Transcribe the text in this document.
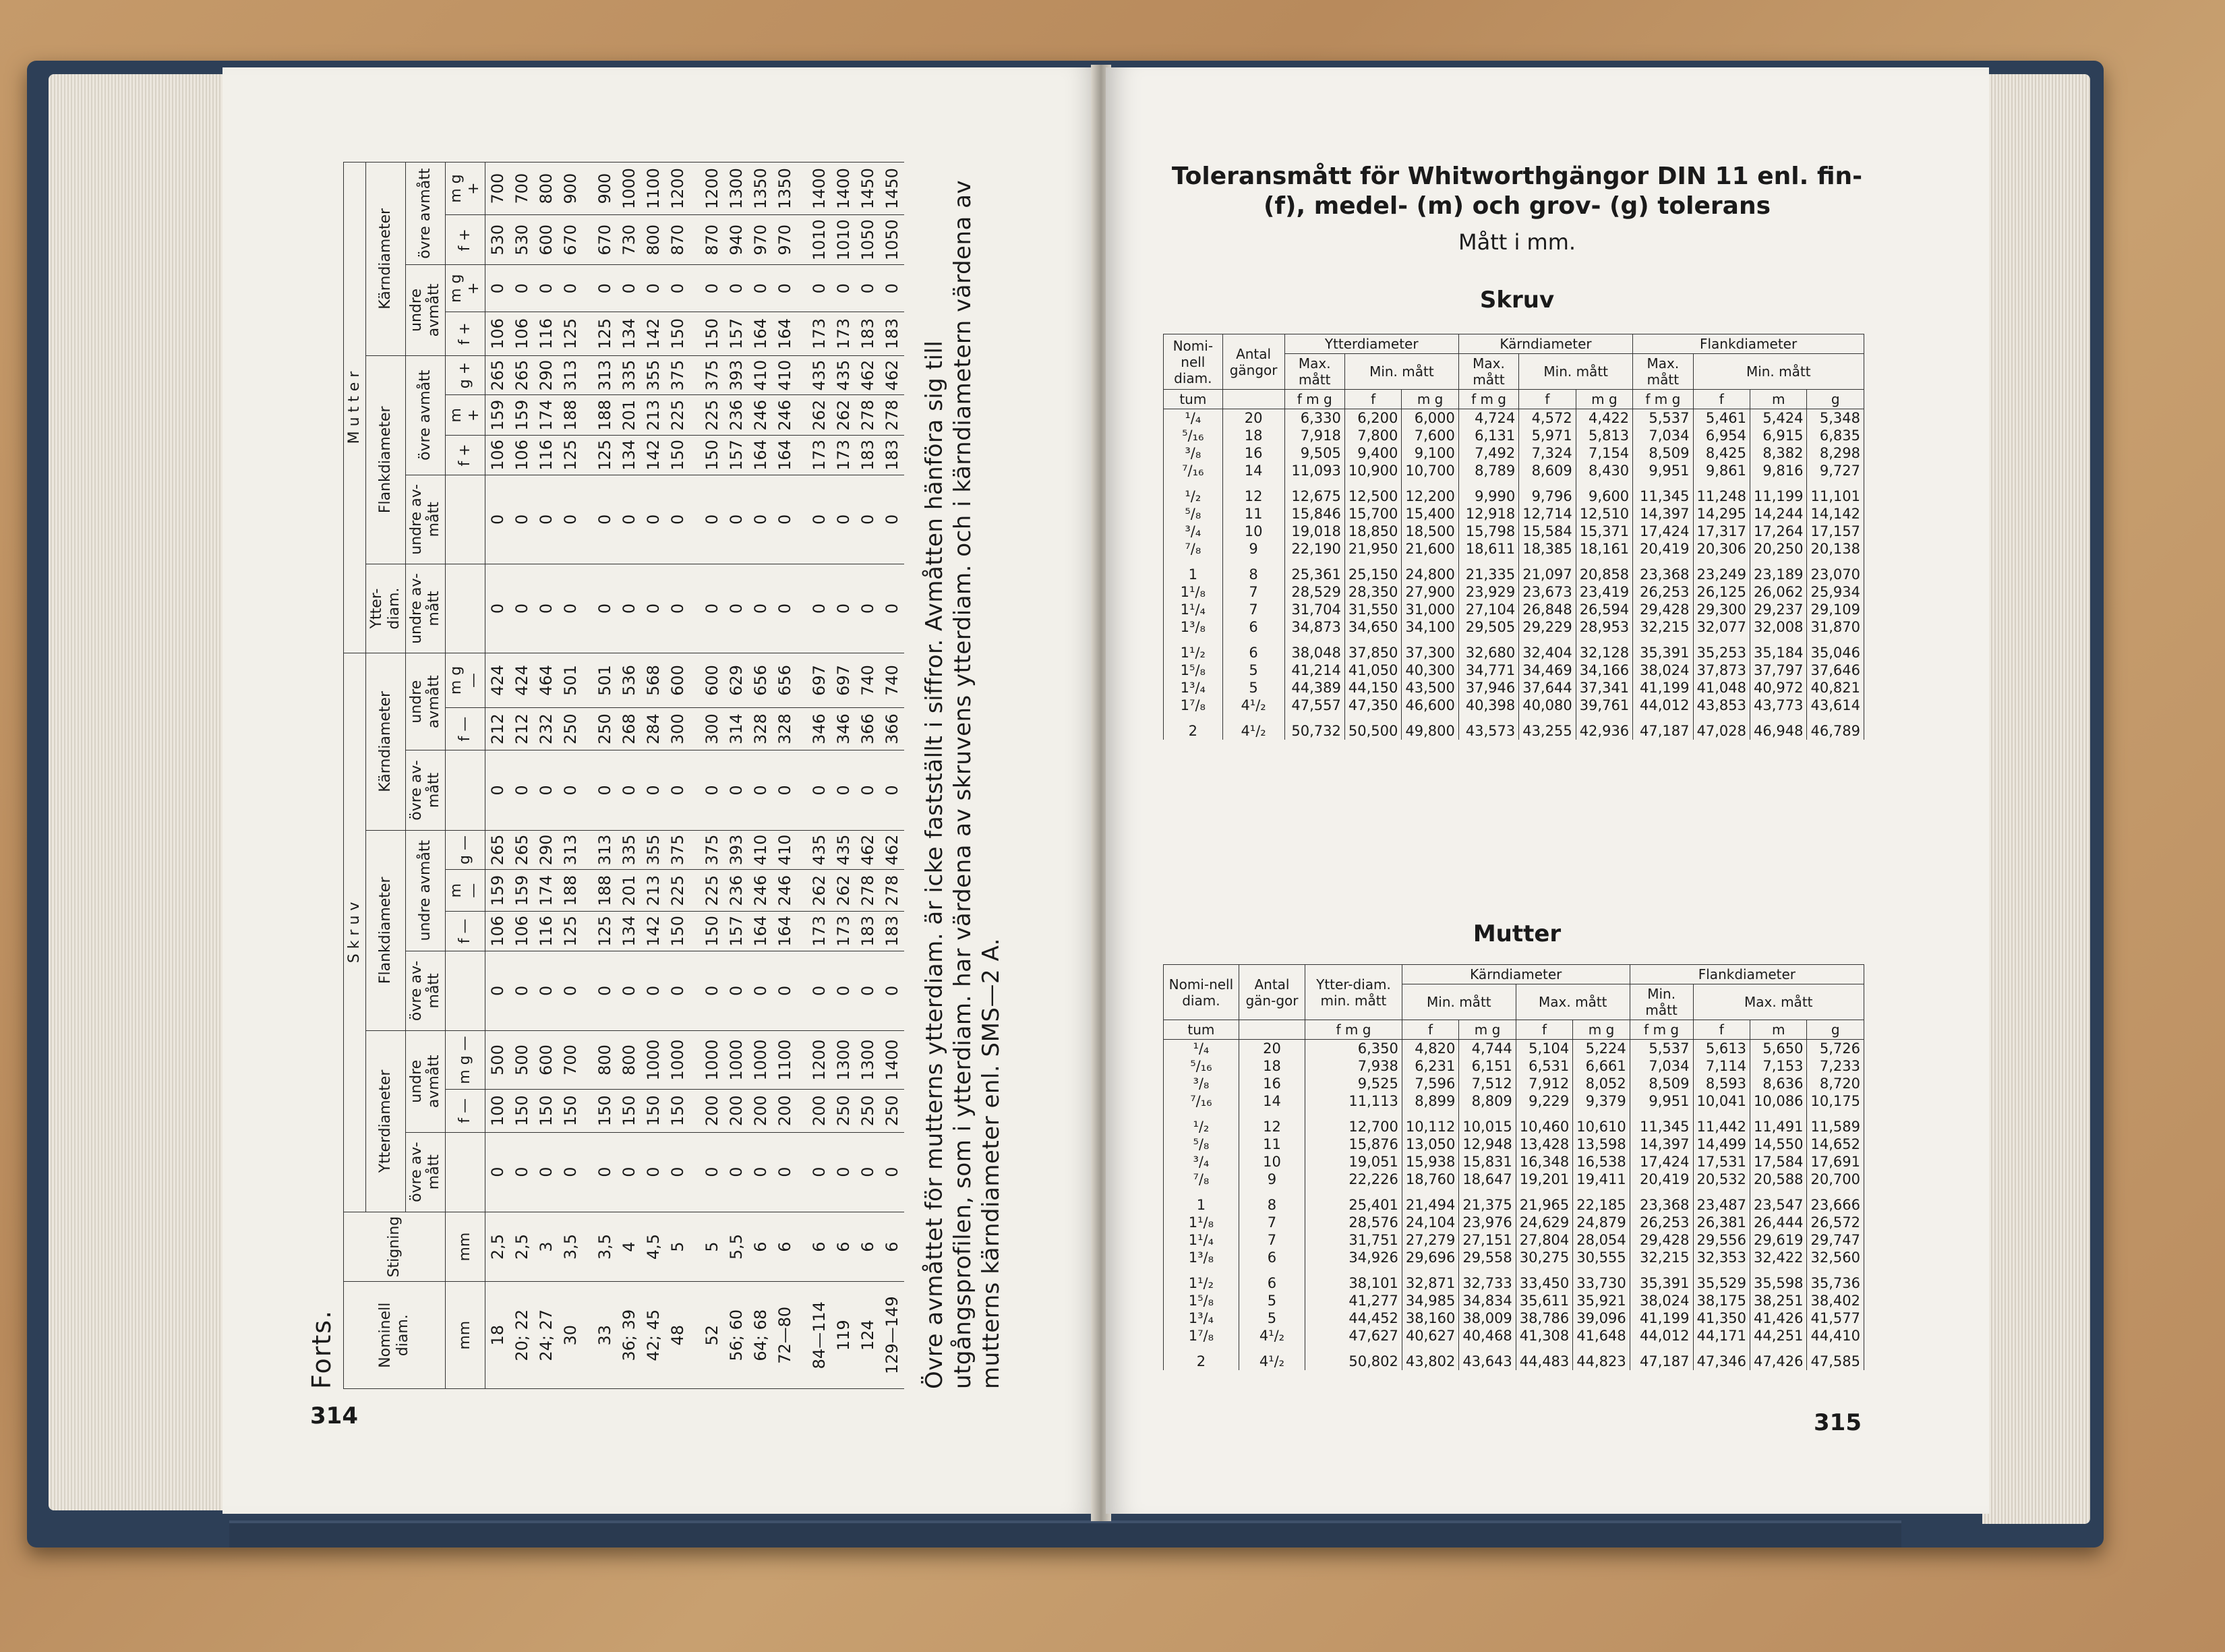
314
Forts.	Nominell diam.	Stigning	S k r u v										M u t t e r								
		Ytterdiameter			Flankdiameter				Kärndiameter			Ytter-diam.	Flankdiameter				Kärndiameter			
		övre av-mått	undre avmått		övre av-mått	undre avmått			övre av-mått	undre avmått		undre av-mått	undre av-mått	övre avmått			undre avmått		övre avmått	
mm	mm		f —	m g —		f —	m —	g —		f —	m g —			f +	m +	g +	f +	m g +	f +	m g +
18	2,5	0	100	500	0	106	159	265	0	212	424	0	0	106	159	265	106	0	530	700
20; 22	2,5	0	150	500	0	106	159	265	0	212	424	0	0	106	159	265	106	0	530	700
24; 27	3	0	150	600	0	116	174	290	0	232	464	0	0	116	174	290	116	0	600	800
30	3,5	0	150	700	0	125	188	313	0	250	501	0	0	125	188	313	125	0	670	900
33	3,5	0	150	800	0	125	188	313	0	250	501	0	0	125	188	313	125	0	670	900
36; 39	4	0	150	800	0	134	201	335	0	268	536	0	0	134	201	335	134	0	730	1000
42; 45	4,5	0	150	1000	0	142	213	355	0	284	568	0	0	142	213	355	142	0	800	1100
48	5	0	150	1000	0	150	225	375	0	300	600	0	0	150	225	375	150	0	870	1200
52	5	0	200	1000	0	150	225	375	0	300	600	0	0	150	225	375	150	0	870	1200
56; 60	5,5	0	200	1000	0	157	236	393	0	314	629	0	0	157	236	393	157	0	940	1300
64; 68	6	0	200	1000	0	164	246	410	0	328	656	0	0	164	246	410	164	0	970	1350
72—80	6	0	200	1100	0	164	246	410	0	328	656	0	0	164	246	410	164	0	970	1350
84—114	6	0	200	1200	0	173	262	435	0	346	697	0	0	173	262	435	173	0	1010	1400
119	6	0	250	1300	0	173	262	435	0	346	697	0	0	173	262	435	173	0	1010	1400
124	6	0	250	1300	0	183	278	462	0	366	740	0	0	183	278	462	183	0	1050	1450
129—149	6	0	250	1400	0	183	278	462	0	366	740	0	0	183	278	462	183	0	1050	1450
Övre avmåttet för mutterns ytterdiam. är icke fastställt i siffror. Avmåtten hänföra sig till utgångsprofilen, som i ytterdiam. har värdena av skruvens ytterdiam. och i kärndiametern värdena av mutterns kärndiameter enl. SMS—2 A.
Toleransmått för Whitworthgängor DIN 11 enl. fin-(f), medel- (m) och grov- (g) tolerans
Mått i mm.
Skruv
Nomi-nell diam.	Antal gängor	Ytterdiameter			Kärndiameter			Flankdiameter			
		Max. mått	Min. mått		Max. mått	Min. mått		Max. mått	Min. mått		
tum		f m g	f	m g	f m g	f	m g	f m g	f	m	g
¹/₄	20	6,330	6,200	6,000	4,724	4,572	4,422	5,537	5,461	5,424	5,348
⁵/₁₆	18	7,918	7,800	7,600	6,131	5,971	5,813	7,034	6,954	6,915	6,835
³/₈	16	9,505	9,400	9,100	7,492	7,324	7,154	8,509	8,425	8,382	8,298
⁷/₁₆	14	11,093	10,900	10,700	8,789	8,609	8,430	9,951	9,861	9,816	9,727
¹/₂	12	12,675	12,500	12,200	9,990	9,796	9,600	11,345	11,248	11,199	11,101
⁵/₈	11	15,846	15,700	15,400	12,918	12,714	12,510	14,397	14,295	14,244	14,142
³/₄	10	19,018	18,850	18,500	15,798	15,584	15,371	17,424	17,317	17,264	17,157
⁷/₈	9	22,190	21,950	21,600	18,611	18,385	18,161	20,419	20,306	20,250	20,138
1	8	25,361	25,150	24,800	21,335	21,097	20,858	23,368	23,249	23,189	23,070
1¹/₈	7	28,529	28,350	27,900	23,929	23,673	23,419	26,253	26,125	26,062	25,934
1¹/₄	7	31,704	31,550	31,000	27,104	26,848	26,594	29,428	29,300	29,237	29,109
1³/₈	6	34,873	34,650	34,100	29,505	29,229	28,953	32,215	32,077	32,008	31,870
1¹/₂	6	38,048	37,850	37,300	32,680	32,404	32,128	35,391	35,253	35,184	35,046
1⁵/₈	5	41,214	41,050	40,300	34,771	34,469	34,166	38,024	37,873	37,797	37,646
1³/₄	5	44,389	44,150	43,500	37,946	37,644	37,341	41,199	41,048	40,972	40,821
1⁷/₈	4¹/₂	47,557	47,350	46,600	40,398	40,080	39,761	44,012	43,853	43,773	43,614
2	4¹/₂	50,732	50,500	49,800	43,573	43,255	42,936	47,187	47,028	46,948	46,789
Mutter
Nomi-nell diam.	Antal gän-gor	Ytter-diam. min. mått	Kärndiameter				Flankdiameter			
			Min. mått		Max. mått		Min. mått	Max. mått		
tum		f m g	f	m g	f	m g	f m g	f	m	g
¹/₄	20	6,350	4,820	4,744	5,104	5,224	5,537	5,613	5,650	5,726
⁵/₁₆	18	7,938	6,231	6,151	6,531	6,661	7,034	7,114	7,153	7,233
³/₈	16	9,525	7,596	7,512	7,912	8,052	8,509	8,593	8,636	8,720
⁷/₁₆	14	11,113	8,899	8,809	9,229	9,379	9,951	10,041	10,086	10,175
¹/₂	12	12,700	10,112	10,015	10,460	10,610	11,345	11,442	11,491	11,589
⁵/₈	11	15,876	13,050	12,948	13,428	13,598	14,397	14,499	14,550	14,652
³/₄	10	19,051	15,938	15,831	16,348	16,538	17,424	17,531	17,584	17,691
⁷/₈	9	22,226	18,760	18,647	19,201	19,411	20,419	20,532	20,588	20,700
1	8	25,401	21,494	21,375	21,965	22,185	23,368	23,487	23,547	23,666
1¹/₈	7	28,576	24,104	23,976	24,629	24,879	26,253	26,381	26,444	26,572
1¹/₄	7	31,751	27,279	27,151	27,804	28,054	29,428	29,556	29,619	29,747
1³/₈	6	34,926	29,696	29,558	30,275	30,555	32,215	32,353	32,422	32,560
1¹/₂	6	38,101	32,871	32,733	33,450	33,730	35,391	35,529	35,598	35,736
1⁵/₈	5	41,277	34,985	34,834	35,611	35,921	38,024	38,175	38,251	38,402
1³/₄	5	44,452	38,160	38,009	38,786	39,096	41,199	41,350	41,426	41,577
1⁷/₈	4¹/₂	47,627	40,627	40,468	41,308	41,648	44,012	44,171	44,251	44,410
2	4¹/₂	50,802	43,802	43,643	44,483	44,823	47,187	47,346	47,426	47,585
315
